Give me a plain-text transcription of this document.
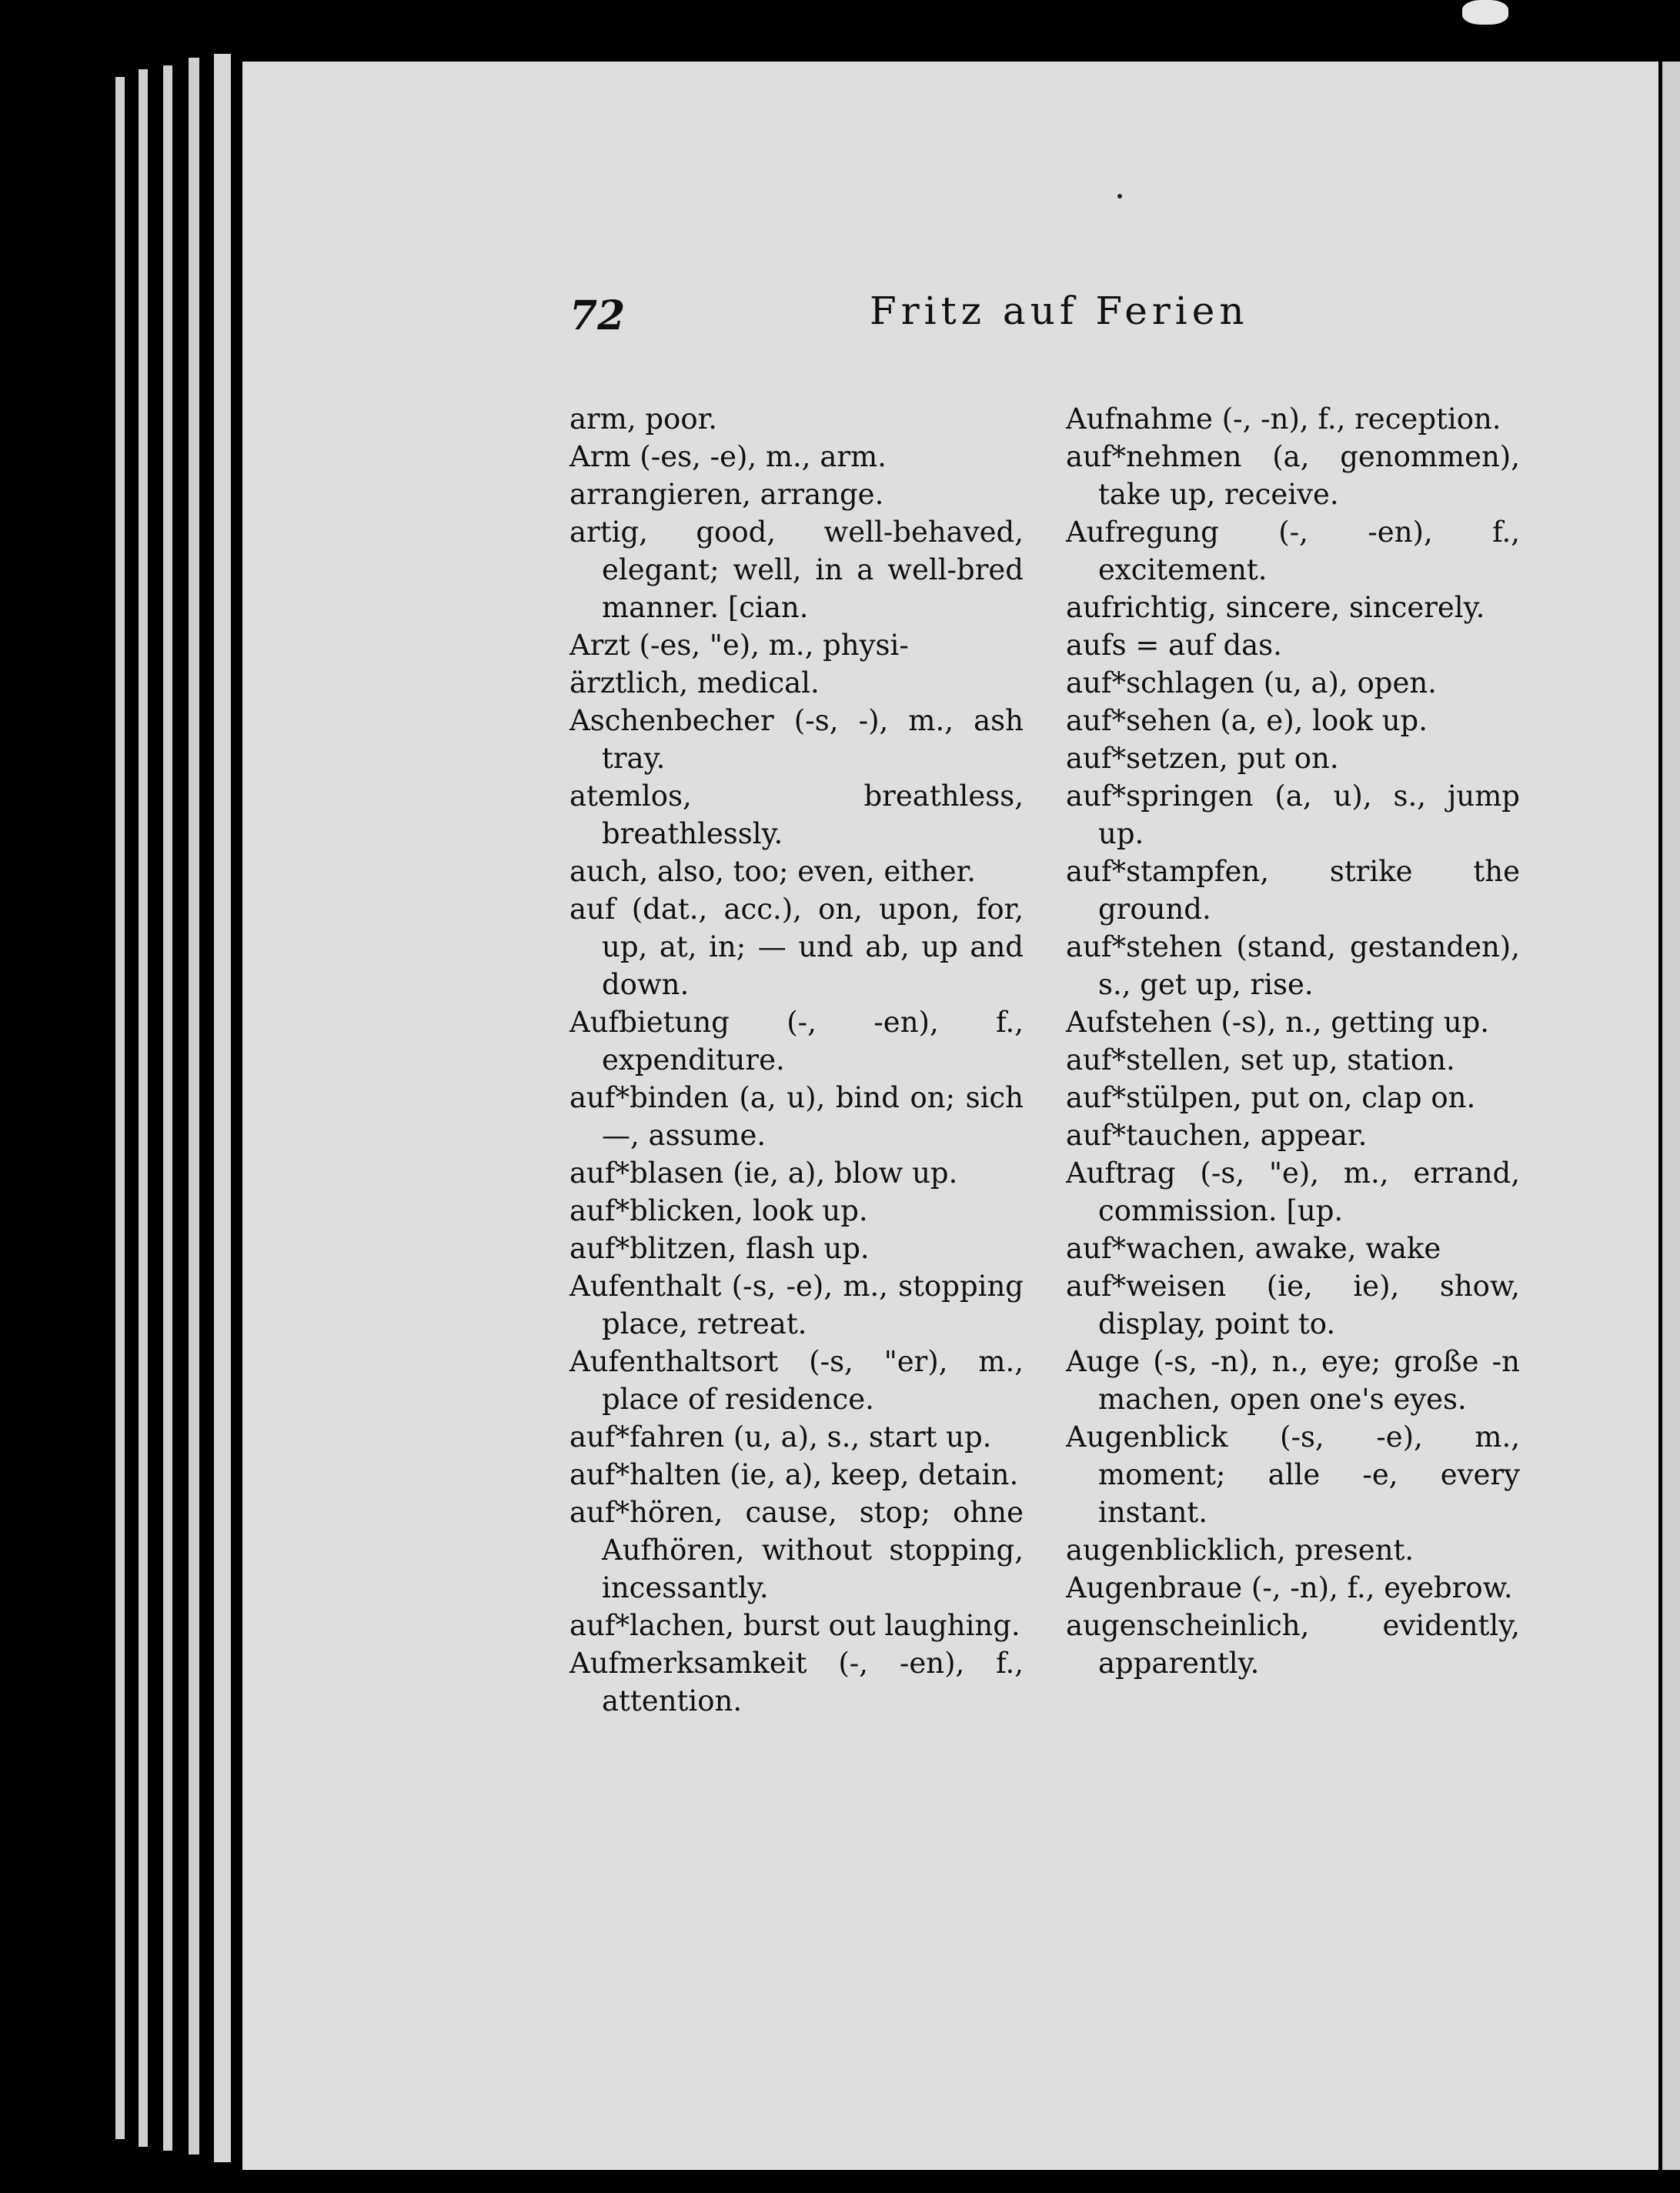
72	Fritz auf Ferien
arm, poor.
Arm (-es, -e), m., arm.
arrangieren, arrange.
artig, good, well-behaved, elegant; well, in a well-bred manner. [cian.
Arzt (-es, "e), m., physi-
ärztlich, medical.
Aschenbecher (-s, -), m., ash tray.
atemlos, breathless, breathlessly.
auch, also, too; even, either.
auf (dat., acc.), on, upon, for, up, at, in; — und ab, up and down.
Aufbietung (-, -en), f., expenditure.
auf*binden (a, u), bind on; sich —, assume.
auf*blasen (ie, a), blow up.
auf*blicken, look up.
auf*blitzen, flash up.
Aufenthalt (-s, -e), m., stopping place, retreat.
Aufenthaltsort (-s, "er), m., place of residence.
auf*fahren (u, a), s., start up.
auf*halten (ie, a), keep, detain.
auf*hören, cause, stop; ohne Aufhören, without stopping, incessantly.
auf*lachen, burst out laughing.
Aufmerksamkeit (-, -en), f., attention.
Aufnahme (-, -n), f., reception.
auf*nehmen (a, genommen), take up, receive.
Aufregung (-, -en), f., excitement.
aufrichtig, sincere, sincerely.
aufs = auf das.
auf*schlagen (u, a), open.
auf*sehen (a, e), look up.
auf*setzen, put on.
auf*springen (a, u), s., jump up.
auf*stampfen, strike the ground.
auf*stehen (stand, gestanden), s., get up, rise.
Aufstehen (-s), n., getting up.
auf*stellen, set up, station.
auf*stülpen, put on, clap on.
auf*tauchen, appear.
Auftrag (-s, "e), m., errand, commission. [up.
auf*wachen, awake, wake
auf*weisen (ie, ie), show, display, point to.
Auge (-s, -n), n., eye; große -n machen, open one's eyes.
Augenblick (-s, -e), m., moment; alle -e, every instant.
augenblicklich, present.
Augenbraue (-, -n), f., eyebrow.
augenscheinlich, evidently, apparently.
